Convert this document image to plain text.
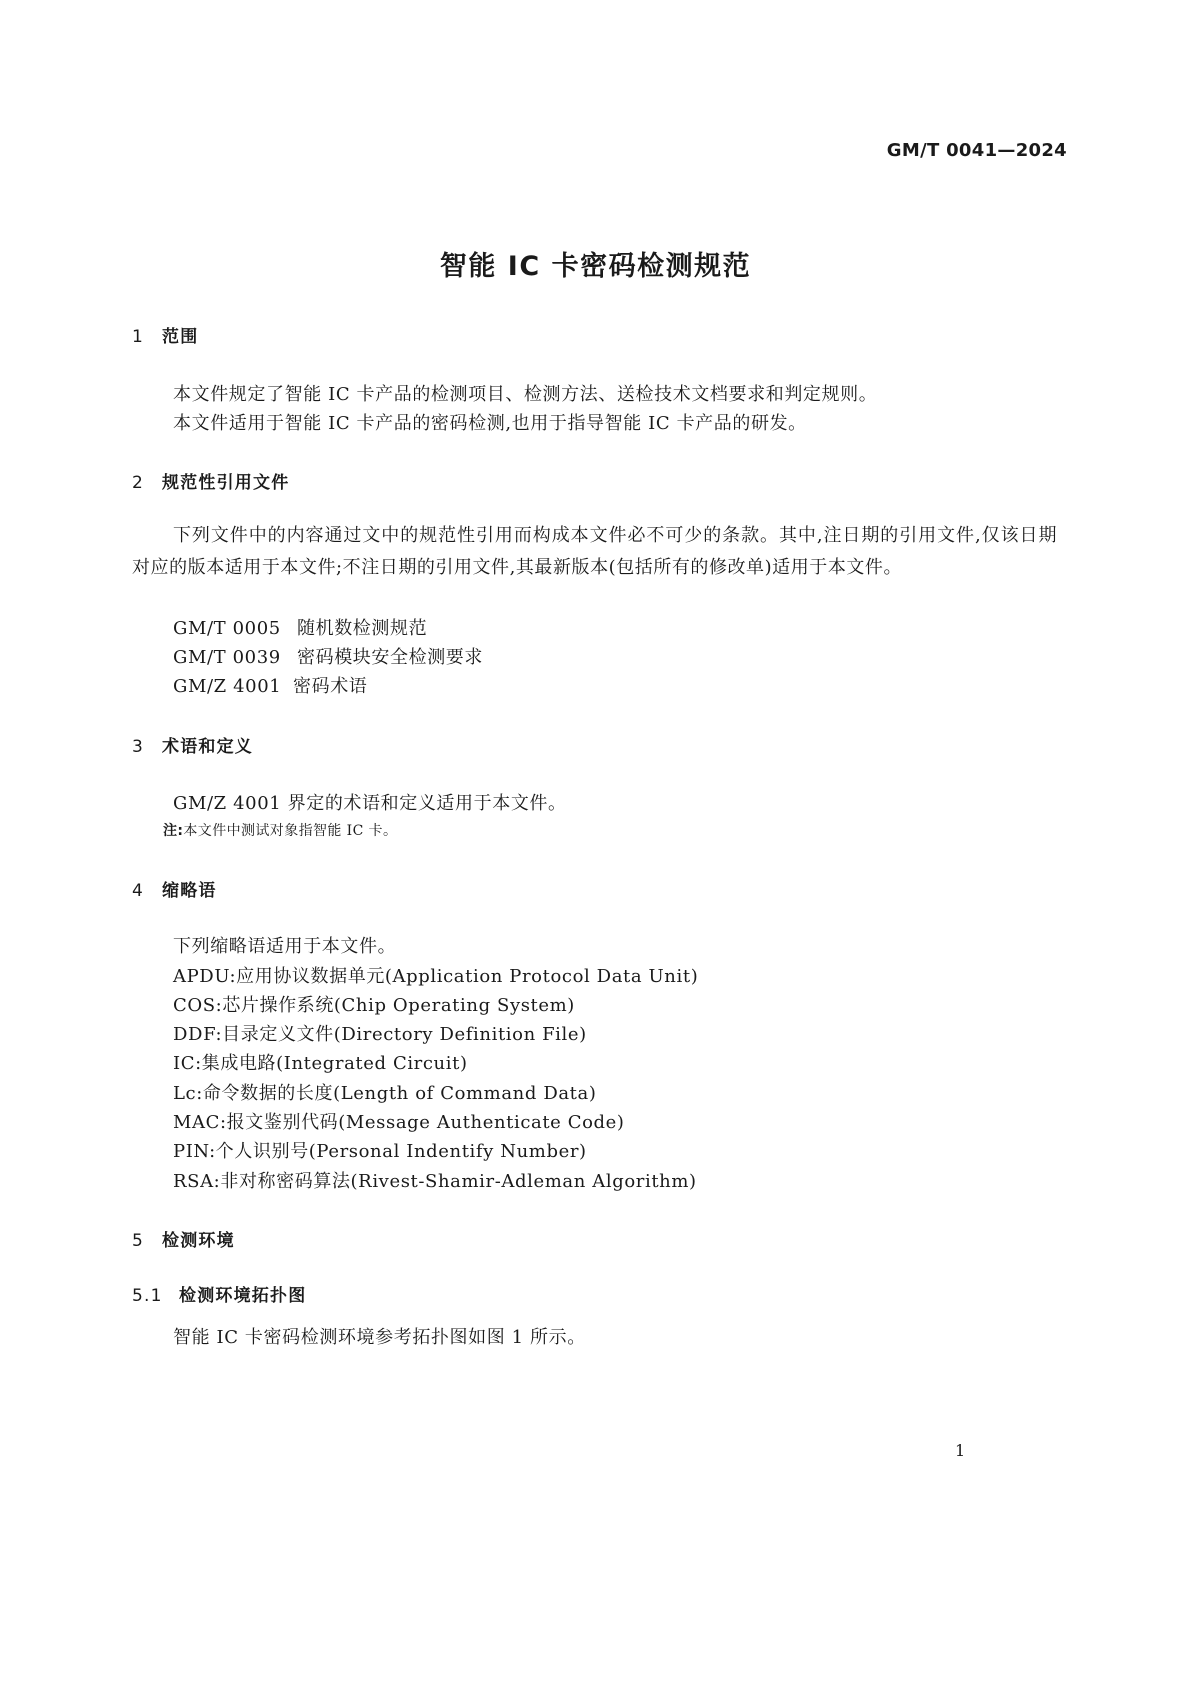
GM/T 0041—2024
智能 IC 卡密码检测规范
1 范围
本文件规定了智能 IC 卡产品的检测项目、检测方法、送检技术文档要求和判定规则。
本文件适用于智能 IC 卡产品的密码检测,也用于指导智能 IC 卡产品的研发。
2 规范性引用文件
下列文件中的内容通过文中的规范性引用而构成本文件必不可少的条款。其中,注日期的引用文件,仅该日期对应的版本适用于本文件;不注日期的引用文件,其最新版本(包括所有的修改单)适用于本文件。
GM/T 0005 随机数检测规范
GM/T 0039 密码模块安全检测要求
GM/Z 4001 密码术语
3 术语和定义
GM/Z 4001 界定的术语和定义适用于本文件。
注:本文件中测试对象指智能 IC 卡。
4 缩略语
下列缩略语适用于本文件。
APDU:应用协议数据单元(Application Protocol Data Unit)
COS:芯片操作系统(Chip Operating System)
DDF:目录定义文件(Directory Definition File)
IC:集成电路(Integrated Circuit)
Lc:命令数据的长度(Length of Command Data)
MAC:报文鉴别代码(Message Authenticate Code)
PIN:个人识别号(Personal Indentify Number)
RSA:非对称密码算法(Rivest-Shamir-Adleman Algorithm)
5 检测环境
5.1 检测环境拓扑图
智能 IC 卡密码检测环境参考拓扑图如图 1 所示。
1
